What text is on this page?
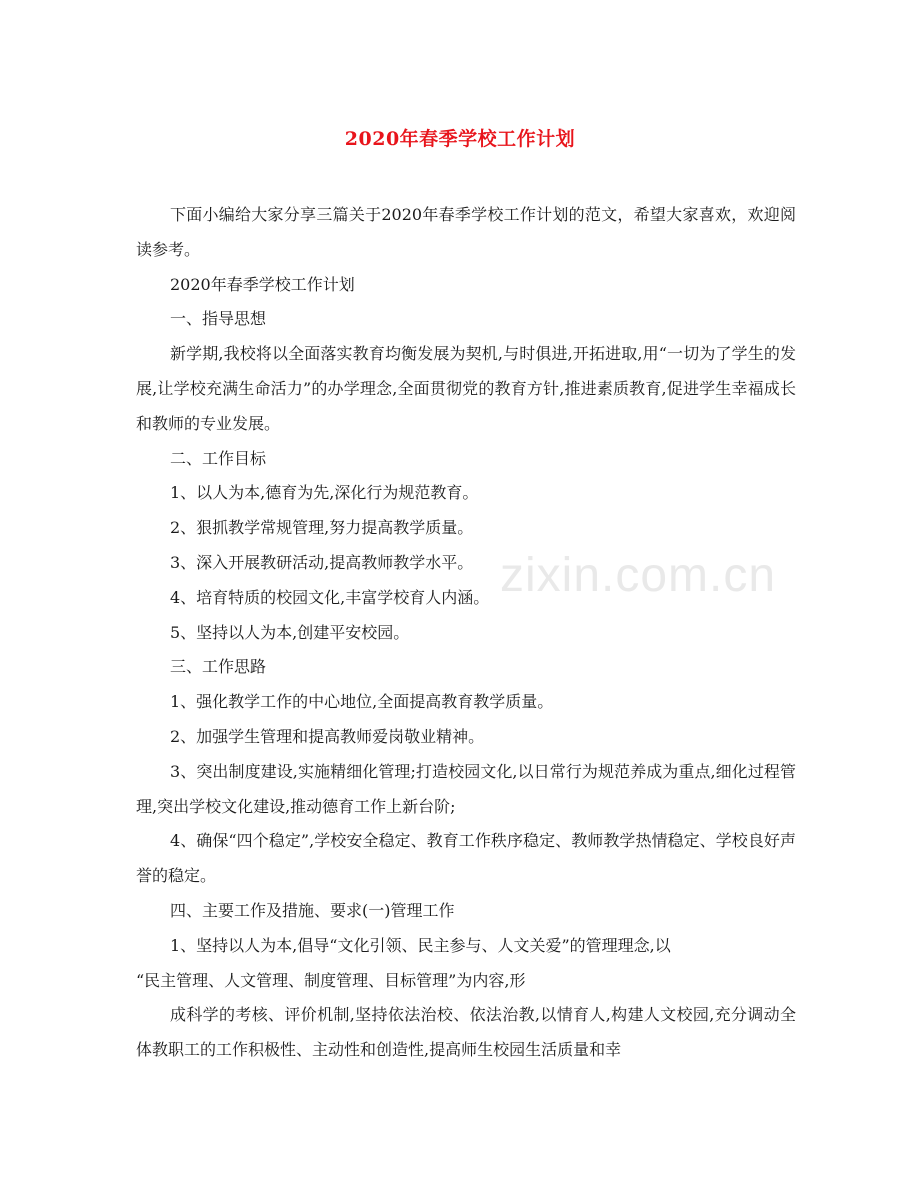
2020年春季学校工作计划
zixin.com.cn

下面小编给大家分享三篇关于2020年春季学校工作计划的范文，希望大家喜欢，欢迎阅读参考。

2020年春季学校工作计划

一、指导思想

新学期,我校将以全面落实教育均衡发展为契机,与时俱进,开拓进取,用“一切为了学生的发展,让学校充满生命活力”的办学理念,全面贯彻党的教育方针,推进素质教育,促进学生幸福成长和教师的专业发展。

二、工作目标

1、以人为本,德育为先,深化行为规范教育。

2、狠抓教学常规管理,努力提高教学质量。

3、深入开展教研活动,提高教师教学水平。

4、培育特质的校园文化,丰富学校育人内涵。

5、坚持以人为本,创建平安校园。

三、工作思路

1、强化教学工作的中心地位,全面提高教育教学质量。

2、加强学生管理和提高教师爱岗敬业精神。

3、突出制度建设,实施精细化管理;打造校园文化,以日常行为规范养成为重点,细化过程管理,突出学校文化建设,推动德育工作上新台阶;

4、确保“四个稳定”,学校安全稳定、教育工作秩序稳定、教师教学热情稳定、学校良好声誉的稳定。

四、主要工作及措施、要求(一)管理工作

1、坚持以人为本,倡导“文化引领、民主参与、人文关爱”的管理理念,以

“民主管理、人文管理、制度管理、目标管理”为内容,形

成科学的考核、评价机制,坚持依法治校、依法治教,以情育人,构建人文校园,充分调动全体教职工的工作积极性、主动性和创造性,提高师生校园生活质量和幸
